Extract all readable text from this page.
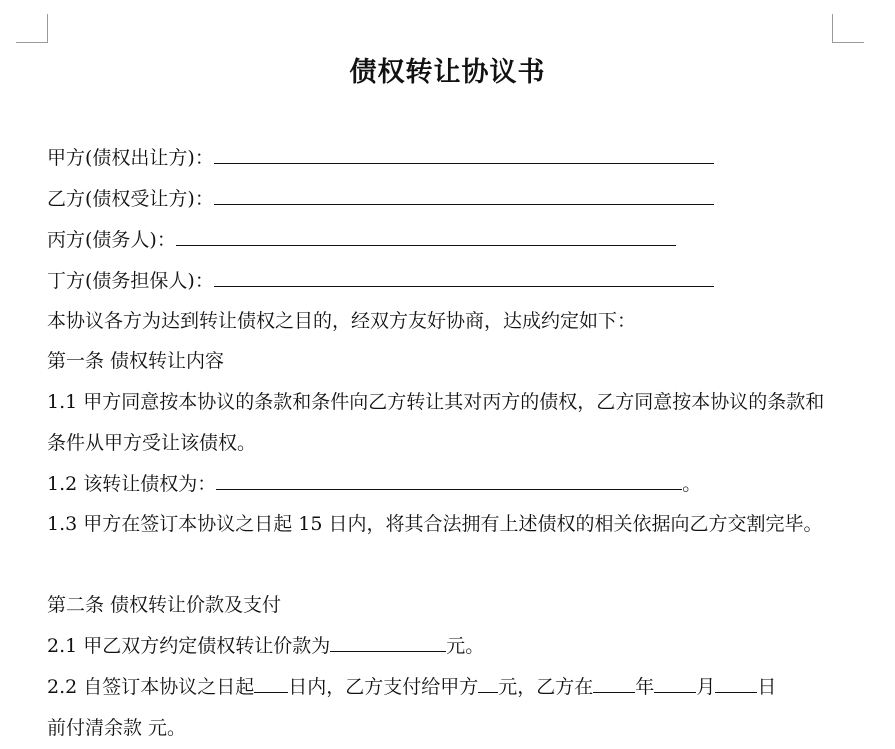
债权转让协议书
甲方(债权出让方)：
乙方(债权受让方)：
丙方(债务人)：
丁方(债务担保人)：
本协议各方为达到转让债权之目的，经双方友好协商，达成约定如下：
第一条 债权转让内容
1.1 甲方同意按本协议的条款和条件向乙方转让其对丙方的债权，乙方同意按本协议的条款和条件从甲方受让该债权。
1.2 该转让债权为：	。
1.3 甲方在签订本协议之日起 15 日内，将其合法拥有上述债权的相关依据向乙方交割完毕。
第二条 债权转让价款及支付
2.1 甲乙双方约定债权转让价款为	元。
2.2 自签订本协议之日起 日内，乙方支付给甲方 元，乙方在 年 月 日
前付清余款 元。
